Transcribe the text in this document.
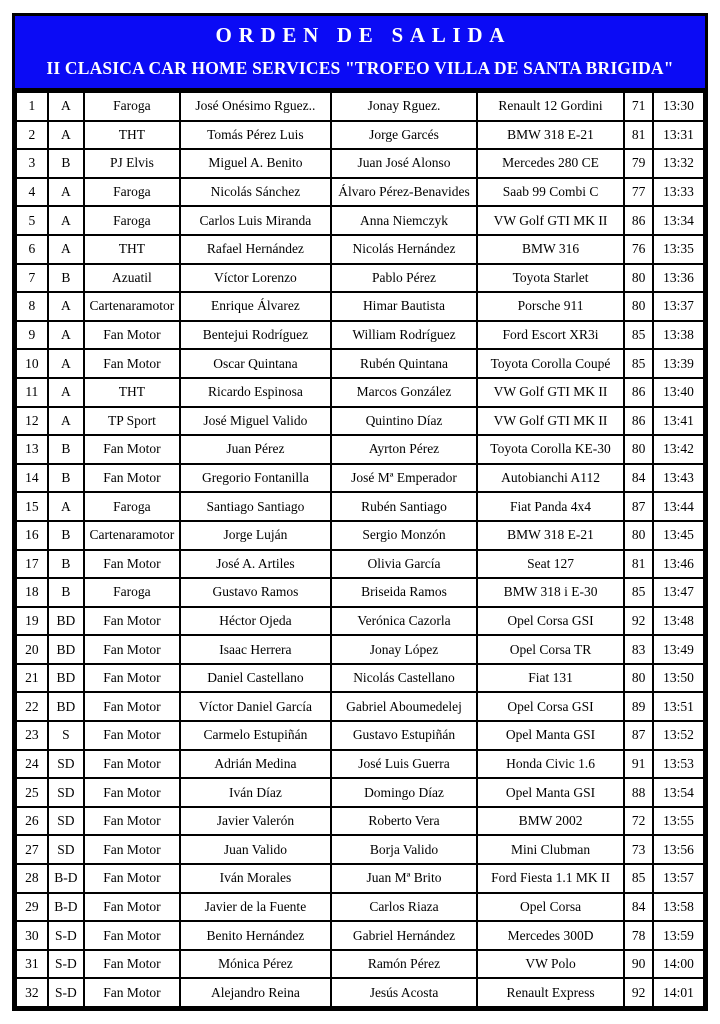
ORDEN DE SALIDA
II CLASICA CAR HOME SERVICES "TROFEO VILLA DE SANTA BRIGIDA"
1	A	Faroga	José Onésimo Rguez..	Jonay Rguez.	Renault 12 Gordini	71	13:30
2	A	THT	Tomás Pérez Luis	Jorge Garcés	BMW 318 E-21	81	13:31
3	B	PJ Elvis	Miguel A. Benito	Juan José Alonso	Mercedes 280 CE	79	13:32
4	A	Faroga	Nicolás Sánchez	Álvaro Pérez-Benavides	Saab 99 Combi C	77	13:33
5	A	Faroga	Carlos Luis Miranda	Anna Niemczyk	VW Golf GTI MK II	86	13:34
6	A	THT	Rafael Hernández	Nicolás Hernández	BMW 316	76	13:35
7	B	Azuatil	Víctor Lorenzo	Pablo Pérez	Toyota Starlet	80	13:36
8	A	Cartenaramotor	Enrique Álvarez	Himar Bautista	Porsche 911	80	13:37
9	A	Fan Motor	Bentejui Rodríguez	William Rodríguez	Ford Escort XR3i	85	13:38
10	A	Fan Motor	Oscar Quintana	Rubén Quintana	Toyota Corolla Coupé	85	13:39
11	A	THT	Ricardo Espinosa	Marcos González	VW Golf GTI MK II	86	13:40
12	A	TP Sport	José Miguel Valido	Quintino Díaz	VW Golf GTI MK II	86	13:41
13	B	Fan Motor	Juan Pérez	Ayrton Pérez	Toyota Corolla KE-30	80	13:42
14	B	Fan Motor	Gregorio Fontanilla	José Mª Emperador	Autobianchi A112	84	13:43
15	A	Faroga	Santiago Santiago	Rubén Santiago	Fiat Panda 4x4	87	13:44
16	B	Cartenaramotor	Jorge Luján	Sergio Monzón	BMW 318 E-21	80	13:45
17	B	Fan Motor	José A. Artiles	Olivia García	Seat 127	81	13:46
18	B	Faroga	Gustavo Ramos	Briseida Ramos	BMW 318 i E-30	85	13:47
19	BD	Fan Motor	Héctor Ojeda	Verónica Cazorla	Opel Corsa GSI	92	13:48
20	BD	Fan Motor	Isaac Herrera	Jonay López	Opel Corsa TR	83	13:49
21	BD	Fan Motor	Daniel Castellano	Nicolás Castellano	Fiat 131	80	13:50
22	BD	Fan Motor	Víctor Daniel García	Gabriel Aboumedelej	Opel Corsa GSI	89	13:51
23	S	Fan Motor	Carmelo Estupiñán	Gustavo Estupiñán	Opel Manta GSI	87	13:52
24	SD	Fan Motor	Adrián Medina	José Luis Guerra	Honda Civic 1.6	91	13:53
25	SD	Fan Motor	Iván Díaz	Domingo Díaz	Opel Manta GSI	88	13:54
26	SD	Fan Motor	Javier Valerón	Roberto Vera	BMW 2002	72	13:55
27	SD	Fan Motor	Juan Valido	Borja Valido	Mini Clubman	73	13:56
28	B-D	Fan Motor	Iván Morales	Juan Mª Brito	Ford Fiesta 1.1 MK II	85	13:57
29	B-D	Fan Motor	Javier de la Fuente	Carlos Riaza	Opel Corsa	84	13:58
30	S-D	Fan Motor	Benito Hernández	Gabriel Hernández	Mercedes 300D	78	13:59
31	S-D	Fan Motor	Mónica Pérez	Ramón Pérez	VW Polo	90	14:00
32	S-D	Fan Motor	Alejandro Reina	Jesús Acosta	Renault Express	92	14:01
